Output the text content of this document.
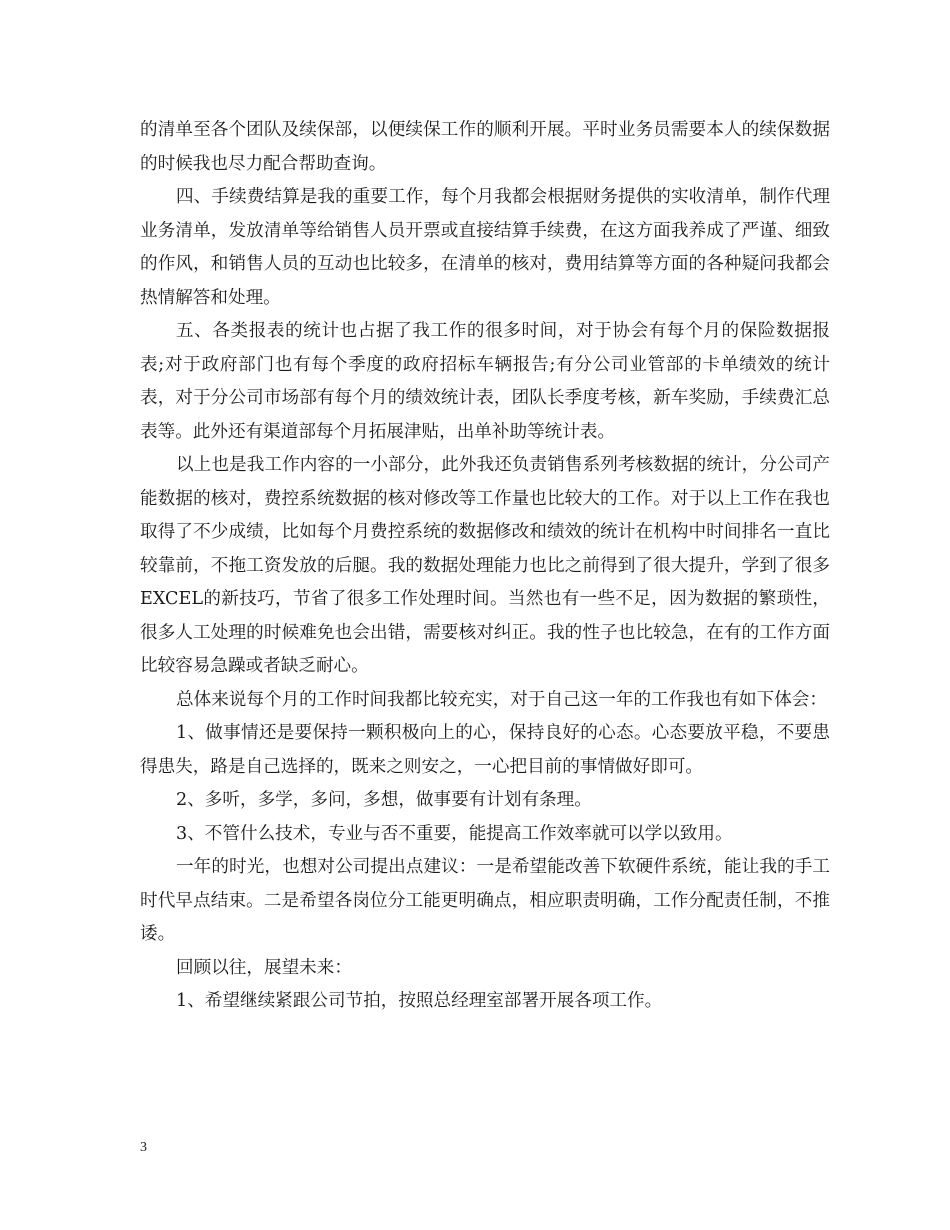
的清单至各个团队及续保部，以便续保工作的顺利开展。平时业务员需要本人的续保数据的时候我也尽力配合帮助查询。

四、手续费结算是我的重要工作，每个月我都会根据财务提供的实收清单，制作代理业务清单，发放清单等给销售人员开票或直接结算手续费，在这方面我养成了严谨、细致的作风，和销售人员的互动也比较多，在清单的核对，费用结算等方面的各种疑问我都会热情解答和处理。

五、各类报表的统计也占据了我工作的很多时间，对于协会有每个月的保险数据报表;对于政府部门也有每个季度的政府招标车辆报告;有分公司业管部的卡单绩效的统计表，对于分公司市场部有每个月的绩效统计表，团队长季度考核，新车奖励，手续费汇总表等。此外还有渠道部每个月拓展津贴，出单补助等统计表。

以上也是我工作内容的一小部分，此外我还负责销售系列考核数据的统计，分公司产能数据的核对，费控系统数据的核对修改等工作量也比较大的工作。对于以上工作在我也取得了不少成绩，比如每个月费控系统的数据修改和绩效的统计在机构中时间排名一直比较靠前，不拖工资发放的后腿。我的数据处理能力也比之前得到了很大提升，学到了很多EXCEL的新技巧，节省了很多工作处理时间。当然也有一些不足，因为数据的繁琐性，很多人工处理的时候难免也会出错，需要核对纠正。我的性子也比较急，在有的工作方面比较容易急躁或者缺乏耐心。

总体来说每个月的工作时间我都比较充实，对于自己这一年的工作我也有如下体会：

1、做事情还是要保持一颗积极向上的心，保持良好的心态。心态要放平稳，不要患得患失，路是自己选择的，既来之则安之，一心把目前的事情做好即可。

2、多听，多学，多问，多想，做事要有计划有条理。

3、不管什么技术，专业与否不重要，能提高工作效率就可以学以致用。

一年的时光，也想对公司提出点建议：一是希望能改善下软硬件系统，能让我的手工时代早点结束。二是希望各岗位分工能更明确点，相应职责明确，工作分配责任制，不推诿。

回顾以往，展望未来：

1、希望继续紧跟公司节拍，按照总经理室部署开展各项工作。

3
